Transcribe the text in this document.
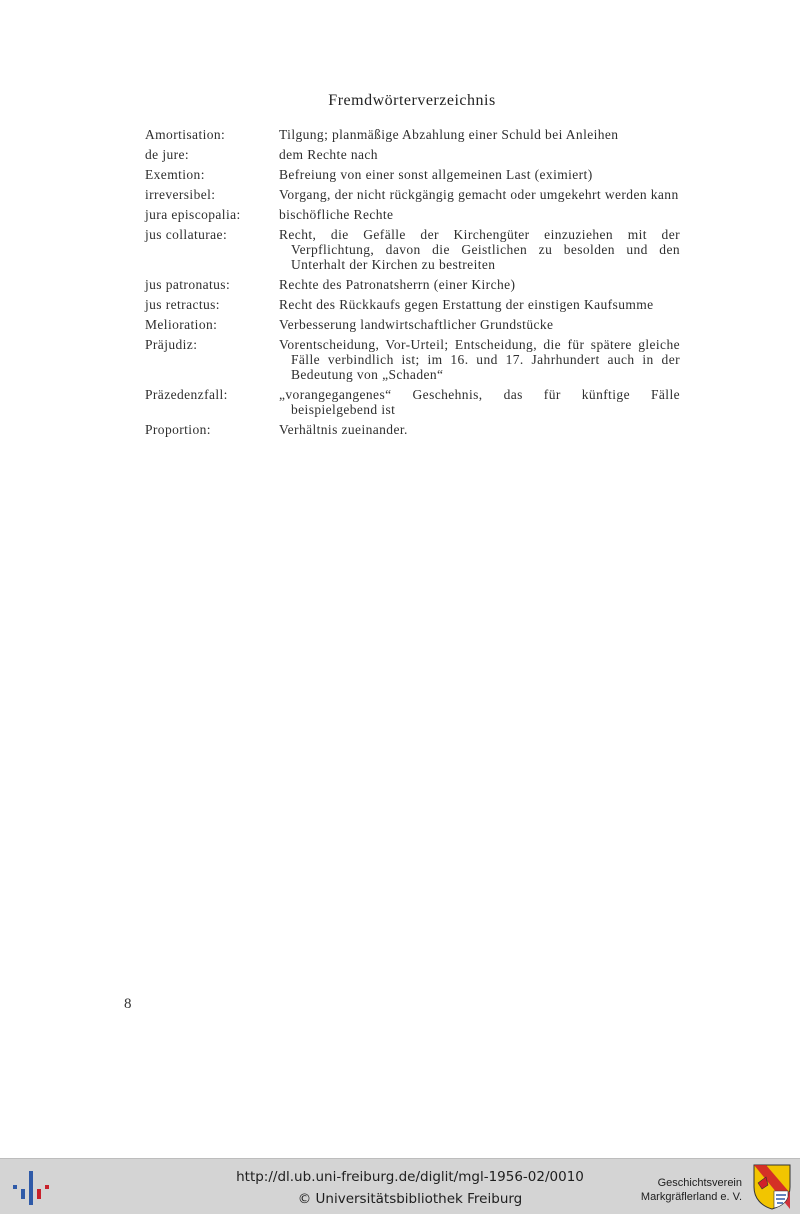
Fremdwörterverzeichnis
Amortisation:	Tilgung; planmäßige Abzahlung einer Schuld bei Anleihen
de jure:	dem Rechte nach
Exemtion:	Befreiung von einer sonst allgemeinen Last (eximiert)
irreversibel:	Vorgang, der nicht rückgängig gemacht oder umgekehrt werden kann
jura episcopalia:	bischöfliche Rechte
jus collaturae:	Recht, die Gefälle der Kirchengüter einzuziehen mit der Verpflichtung, davon die Geistlichen zu besolden und den Unterhalt der Kirchen zu bestreiten
jus patronatus:	Rechte des Patronatsherrn (einer Kirche)
jus retractus:	Recht des Rückkaufs gegen Erstattung der einstigen Kaufsumme
Melioration:	Verbesserung landwirtschaftlicher Grundstücke
Präjudiz:	Vorentscheidung, Vor-Urteil; Entscheidung, die für spätere gleiche Fälle verbindlich ist; im 16. und 17. Jahrhundert auch in der Bedeutung von „Schaden“
Präzedenzfall:	„vorangegangenes“ Geschehnis, das für künftige Fälle beispielgebend ist
Proportion:	Verhältnis zueinander.
8
http://dl.ub.uni-freiburg.de/diglit/mgl-1956-02/0010
© Universitätsbibliothek Freiburg
Geschichtsverein
Markgräflerland e. V.
